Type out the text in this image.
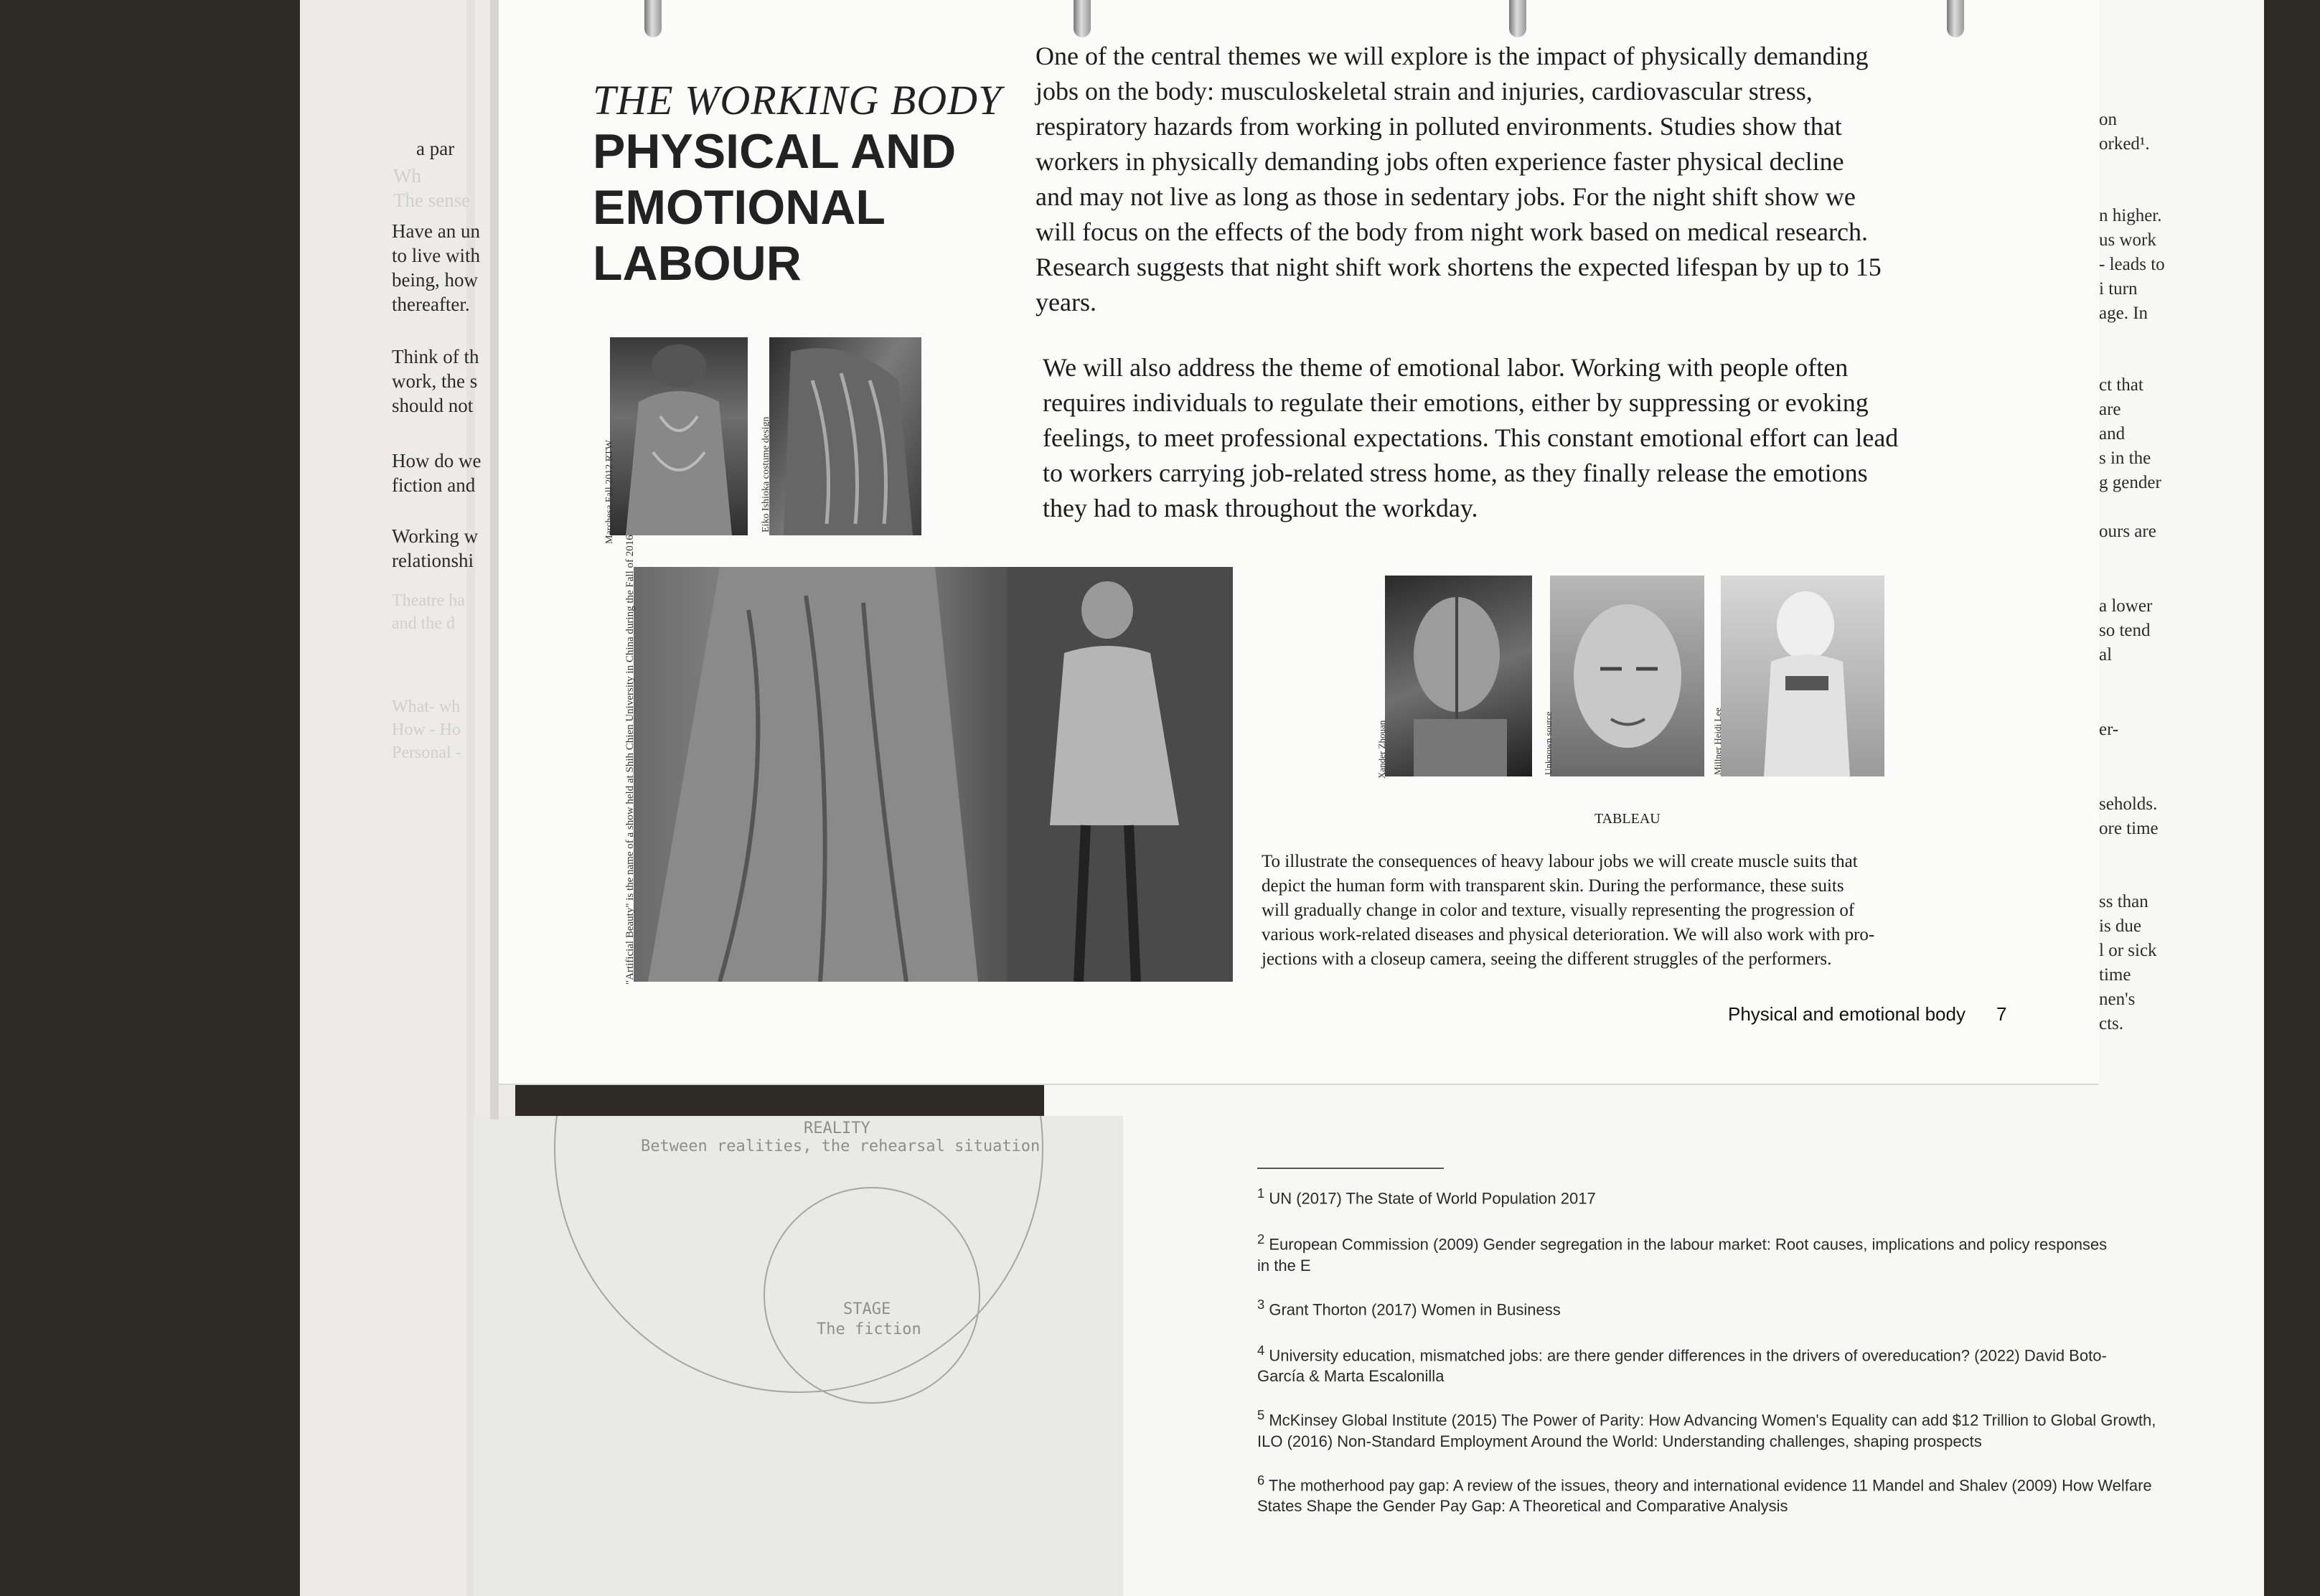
a par
Wh
The sense
Have an un
to live with
being, how
thereafter.
Think of th
work, the s
should not
How do we
fiction and
Working w
relationshi
Theatre ha
and the d
What- wh
How - Ho
Personal -
on
orked¹.
n higher.
us work
- leads to
i turn
age. In
ct that
are
and
s in the
g gender
ours are
a lower
so tend
al
er-
seholds.
ore time
ss than
is due
l or sick
time
nen's
cts.
REALITY
Between realities, the rehearsal situation
STAGE
The fiction
$^1$ UN (2017) The State of World Population 2017
$^2$ European Commission (2009) Gender segregation in the labour market: Root causes, implications and policy responses in the E
$^3$ Grant Thorton (2017) Women in Business
$^4$ University education, mismatched jobs: are there gender differences in the drivers of overeducation? (2022) David Boto-García & Marta Escalonilla
$^5$ McKinsey Global Institute (2015) The Power of Parity: How Advancing Women's Equality can add $12 Trillion to Global Growth, ILO (2016) Non-Standard Employment Around the World: Understanding challenges, shaping prospects
$^6$ The motherhood pay gap: A review of the issues, theory and international evidence 11 Mandel and Shalev (2009) How Welfare States Shape the Gender Pay Gap: A Theoretical and Comparative Analysis
THE WORKING BODY
PHYSICAL AND
EMOTIONAL
LABOUR
One of the central themes we will explore is the impact of physically demanding
jobs on the body: musculoskeletal strain and injuries, cardiovascular stress,
respiratory hazards from working in polluted environments. Studies show that
workers in physically demanding jobs often experience faster physical decline
and may not live as long as those in sedentary jobs. For the night shift show we
will focus on the effects of the body from night work based on medical research.
Research suggests that night shift work shortens the expected lifespan by up to 15
years.
We will also address the theme of emotional labor. Working with people often
requires individuals to regulate their emotions, either by suppressing or evoking
feelings, to meet professional expectations. This constant emotional effort can lead
to workers carrying job-related stress home, as they finally release the emotions
they had to mask throughout the workday.
Marchesa Fall 2012 RTW	Eiko Ishioka costume design
"Artificial Beauty" is the name of a show held at Shih Chien University in China during the Fall of 2016	Xander Zhouan	Unknown source	Millner Heidi Lee
TABLEAU
To illustrate the consequences of heavy labour jobs we will create muscle suits that
depict the human form with transparent skin. During the performance, these suits
will gradually change in color and texture, visually representing the progression of
various work-related diseases and physical deterioration. We will also work with pro-
jections with a closeup camera, seeing the different struggles of the performers.
Physical and emotional body 7
